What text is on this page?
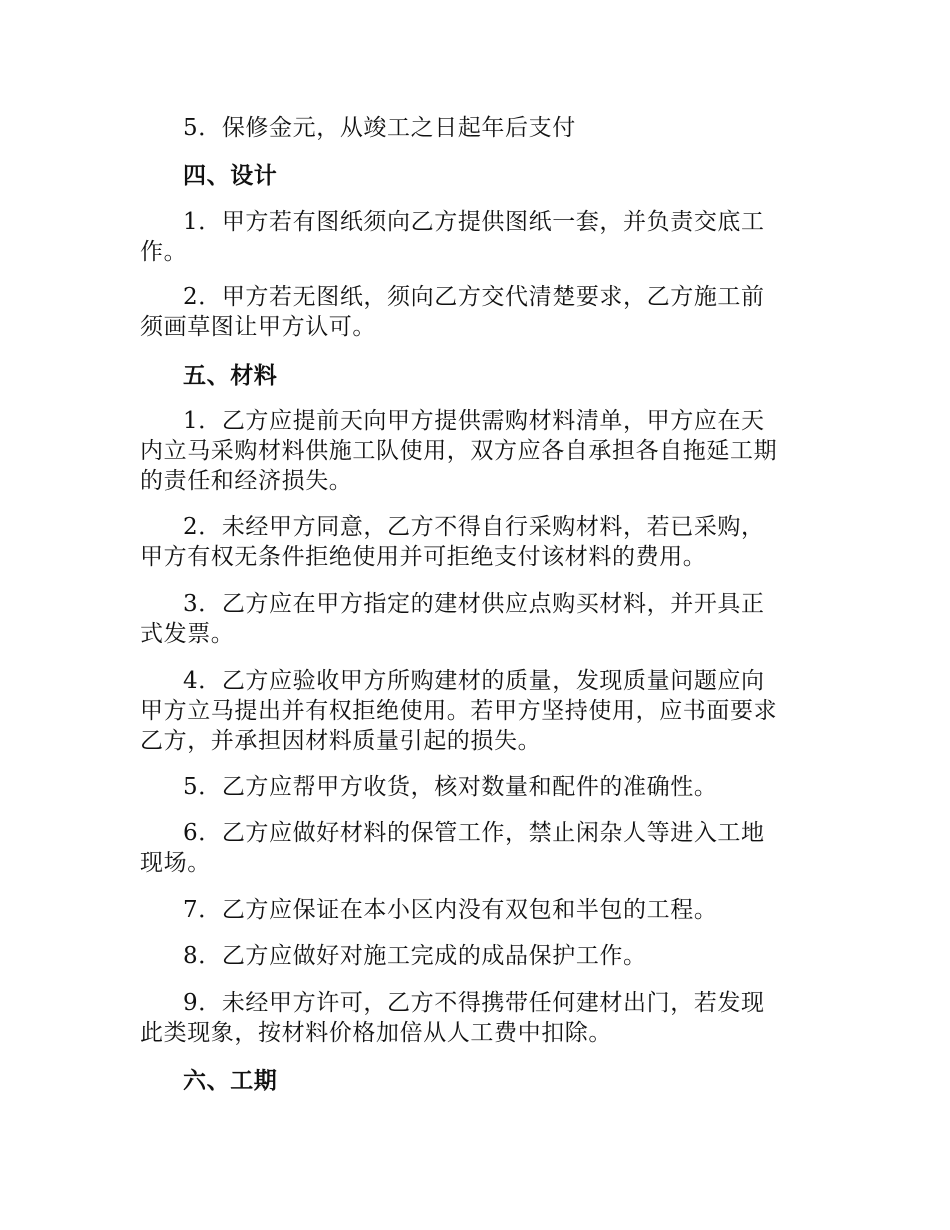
5．保修金元，从竣工之日起年后支付
四、设计
1．甲方若有图纸须向乙方提供图纸一套，并负责交底工
作。
2．甲方若无图纸，须向乙方交代清楚要求，乙方施工前
须画草图让甲方认可。
五、材料
1．乙方应提前天向甲方提供需购材料清单，甲方应在天
内立马采购材料供施工队使用，双方应各自承担各自拖延工期
的责任和经济损失。
2．未经甲方同意，乙方不得自行采购材料，若已采购，
甲方有权无条件拒绝使用并可拒绝支付该材料的费用。
3．乙方应在甲方指定的建材供应点购买材料，并开具正
式发票。
4．乙方应验收甲方所购建材的质量，发现质量问题应向
甲方立马提出并有权拒绝使用。若甲方坚持使用，应书面要求
乙方，并承担因材料质量引起的损失。
5．乙方应帮甲方收货，核对数量和配件的准确性。
6．乙方应做好材料的保管工作，禁止闲杂人等进入工地
现场。
7．乙方应保证在本小区内没有双包和半包的工程。
8．乙方应做好对施工完成的成品保护工作。
9．未经甲方许可，乙方不得携带任何建材出门，若发现
此类现象，按材料价格加倍从人工费中扣除。
六、工期
